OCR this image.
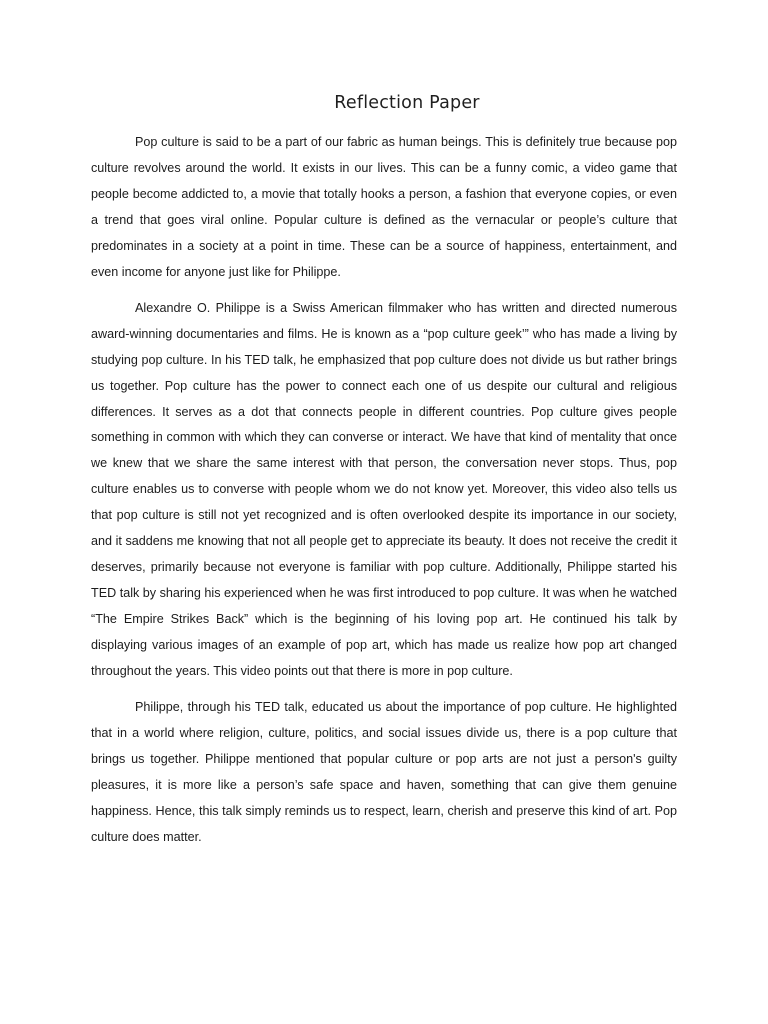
Reflection Paper

Pop culture is said to be a part of our fabric as human beings. This is definitely true because pop culture revolves around the world. It exists in our lives. This can be a funny comic, a video game that people become addicted to, a movie that totally hooks a person, a fashion that everyone copies, or even a trend that goes viral online. Popular culture is defined as the vernacular or people’s culture that predominates in a society at a point in time. These can be a source of happiness, entertainment, and even income for anyone just like for Philippe.

Alexandre O. Philippe is a Swiss American filmmaker who has written and directed numerous award-winning documentaries and films. He is known as a “pop culture geek’” who has made a living by studying pop culture. In his TED talk, he emphasized that pop culture does not divide us but rather brings us together. Pop culture has the power to connect each one of us despite our cultural and religious differences. It serves as a dot that connects people in different countries. Pop culture gives people something in common with which they can converse or interact. We have that kind of mentality that once we knew that we share the same interest with that person, the conversation never stops. Thus, pop culture enables us to converse with people whom we do not know yet. Moreover, this video also tells us that pop culture is still not yet recognized and is often overlooked despite its importance in our society, and it saddens me knowing that not all people get to appreciate its beauty. It does not receive the credit it deserves, primarily because not everyone is familiar with pop culture. Additionally, Philippe started his TED talk by sharing his experienced when he was first introduced to pop culture. It was when he watched “The Empire Strikes Back” which is the beginning of his loving pop art. He continued his talk by displaying various images of an example of pop art, which has made us realize how pop art changed throughout the years. This video points out that there is more in pop culture.

Philippe, through his TED talk, educated us about the importance of pop culture. He highlighted that in a world where religion, culture, politics, and social issues divide us, there is a pop culture that brings us together. Philippe mentioned that popular culture or pop arts are not just a person's guilty pleasures, it is more like a person’s safe space and haven, something that can give them genuine happiness. Hence, this talk simply reminds us to respect, learn, cherish and preserve this kind of art. Pop culture does matter.
